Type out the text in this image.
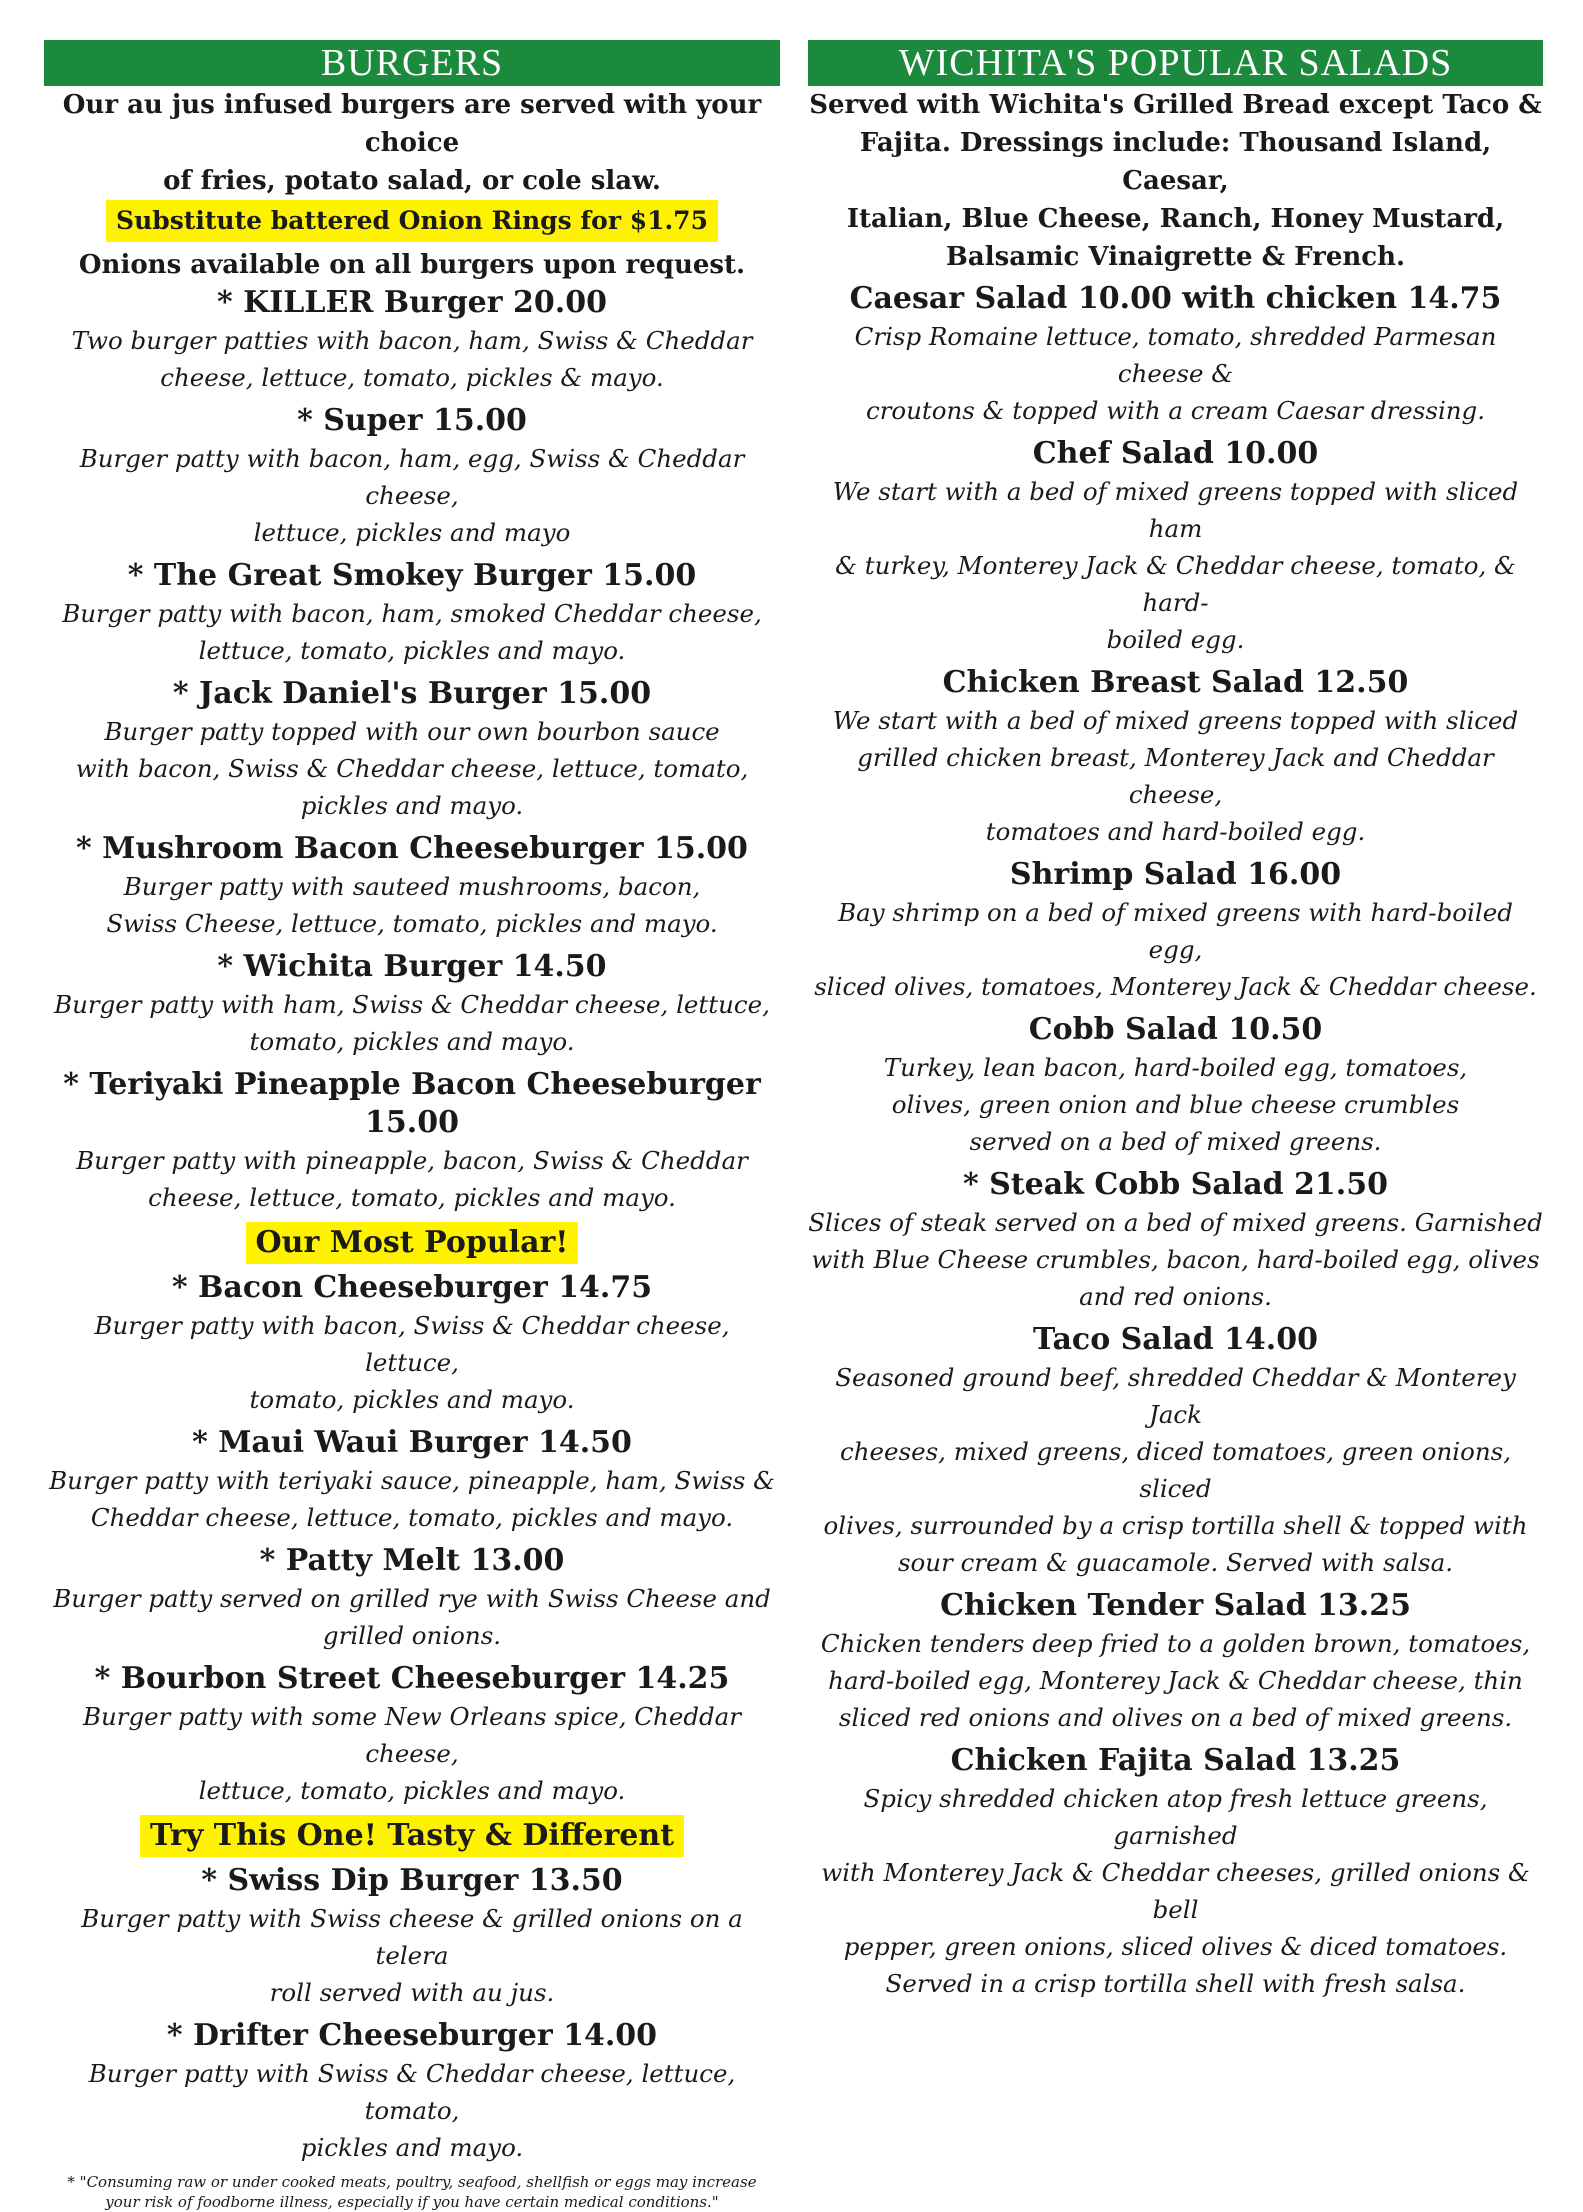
BURGERS
Our au jus infused burgers are served with your choice
of fries, potato salad, or cole slaw.
Substitute battered Onion Rings for $1.75
Onions available on all burgers upon request.
* KILLER Burger 20.00
Two burger patties with bacon, ham, Swiss & Cheddar
cheese, lettuce, tomato, pickles & mayo.
* Super 15.00
Burger patty with bacon, ham, egg, Swiss & Cheddar cheese,
lettuce, pickles and mayo
* The Great Smokey Burger 15.00
Burger patty with bacon, ham, smoked Cheddar cheese,
lettuce, tomato, pickles and mayo.
* Jack Daniel's Burger 15.00
Burger patty topped with our own bourbon sauce
with bacon, Swiss & Cheddar cheese, lettuce, tomato,
pickles and mayo.
* Mushroom Bacon Cheeseburger 15.00
Burger patty with sauteed mushrooms, bacon,
Swiss Cheese, lettuce, tomato, pickles and mayo.
* Wichita Burger 14.50
Burger patty with ham, Swiss & Cheddar cheese, lettuce,
tomato, pickles and mayo.
* Teriyaki Pineapple Bacon Cheeseburger 15.00
Burger patty with pineapple, bacon, Swiss & Cheddar
cheese, lettuce, tomato, pickles and mayo.
Our Most Popular!
* Bacon Cheeseburger 14.75
Burger patty with bacon, Swiss & Cheddar cheese, lettuce,
tomato, pickles and mayo.
* Maui Waui Burger 14.50
Burger patty with teriyaki sauce, pineapple, ham, Swiss &
Cheddar cheese, lettuce, tomato, pickles and mayo.
* Patty Melt 13.00
Burger patty served on grilled rye with Swiss Cheese and
grilled onions.
* Bourbon Street Cheeseburger 14.25
Burger patty with some New Orleans spice, Cheddar cheese,
lettuce, tomato, pickles and mayo.
Try This One! Tasty & Different
* Swiss Dip Burger 13.50
Burger patty with Swiss cheese & grilled onions on a telera
roll served with au jus.
* Drifter Cheeseburger 14.00
Burger patty with Swiss & Cheddar cheese, lettuce, tomato,
pickles and mayo.
* "Consuming raw or under cooked meats, poultry, seafood, shellfish or eggs may increase
your risk of foodborne illness, especially if you have certain medical conditions."
WICHITA'S POPULAR SALADS
Served with Wichita's Grilled Bread except Taco &
Fajita. Dressings include: Thousand Island, Caesar,
Italian, Blue Cheese, Ranch, Honey Mustard,
Balsamic Vinaigrette & French.
Caesar Salad 10.00 with chicken 14.75
Crisp Romaine lettuce, tomato, shredded Parmesan cheese &
croutons & topped with a cream Caesar dressing.
Chef Salad 10.00
We start with a bed of mixed greens topped with sliced ham
& turkey, Monterey Jack & Cheddar cheese, tomato, & hard-
boiled egg.
Chicken Breast Salad 12.50
We start with a bed of mixed greens topped with sliced
grilled chicken breast, Monterey Jack and Cheddar cheese,
tomatoes and hard-boiled egg.
Shrimp Salad 16.00
Bay shrimp on a bed of mixed greens with hard-boiled egg,
sliced olives, tomatoes, Monterey Jack & Cheddar cheese.
Cobb Salad 10.50
Turkey, lean bacon, hard-boiled egg, tomatoes,
olives, green onion and blue cheese crumbles
served on a bed of mixed greens.
* Steak Cobb Salad 21.50
Slices of steak served on a bed of mixed greens. Garnished
with Blue Cheese crumbles, bacon, hard-boiled egg, olives
and red onions.
Taco Salad 14.00
Seasoned ground beef, shredded Cheddar & Monterey Jack
cheeses, mixed greens, diced tomatoes, green onions, sliced
olives, surrounded by a crisp tortilla shell & topped with
sour cream & guacamole. Served with salsa.
Chicken Tender Salad 13.25
Chicken tenders deep fried to a golden brown, tomatoes,
hard-boiled egg, Monterey Jack & Cheddar cheese, thin
sliced red onions and olives on a bed of mixed greens.
Chicken Fajita Salad 13.25
Spicy shredded chicken atop fresh lettuce greens, garnished
with Monterey Jack & Cheddar cheeses, grilled onions & bell
pepper, green onions, sliced olives & diced tomatoes.
Served in a crisp tortilla shell with fresh salsa.
